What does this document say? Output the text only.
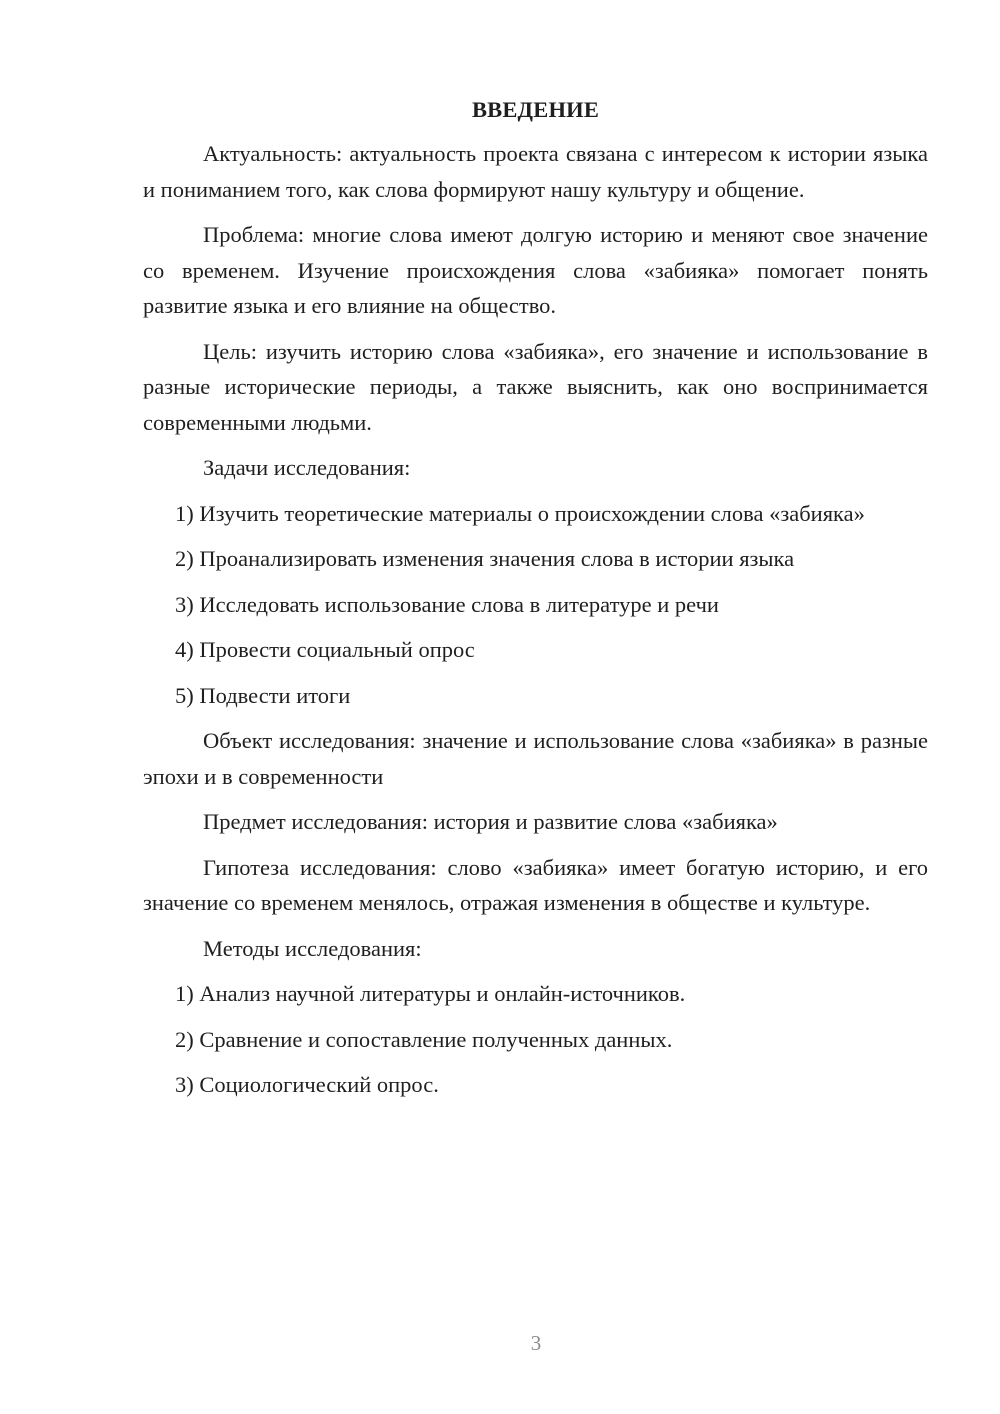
ВВЕДЕНИЕ
Актуальность: актуальность проекта связана с интересом к истории языка и пониманием того, как слова формируют нашу культуру и общение.
Проблема: многие слова имеют долгую историю и меняют свое значение со временем. Изучение происхождения слова «забияка» помогает понять развитие языка и его влияние на общество.
Цель: изучить историю слова «забияка», его значение и использование в разные исторические периоды, а также выяснить, как оно воспринимается современными людьми.
Задачи исследования:
1) Изучить теоретические материалы о происхождении слова «забияка»
2) Проанализировать изменения значения слова в истории языка
3) Исследовать использование слова в литературе и речи
4) Провести социальный опрос
5) Подвести итоги
Объект исследования: значение и использование слова «забияка» в разные эпохи и в современности
Предмет исследования: история и развитие слова «забияка»
Гипотеза исследования: слово «забияка» имеет богатую историю, и его значение со временем менялось, отражая изменения в обществе и культуре.
Методы исследования:
1) Анализ научной литературы и онлайн-источников.
2) Сравнение и сопоставление полученных данных.
3) Социологический опрос.
3
